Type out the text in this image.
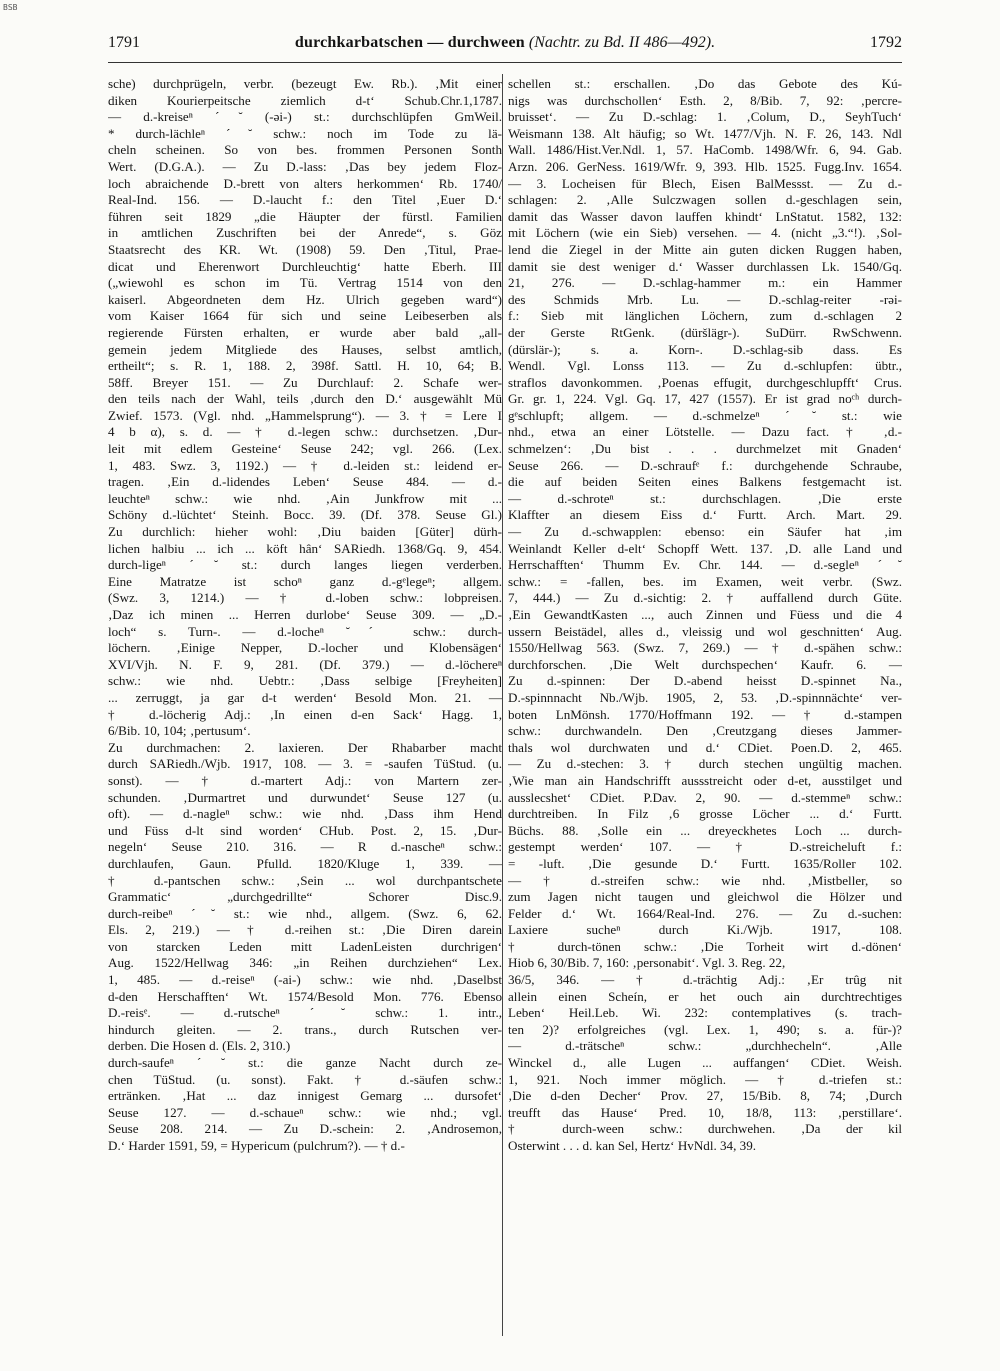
BSB
1791	durchkarbatschen — durchween (Nachtr. zu Bd. II 486—492).	1792

sche) durchprügeln, verbr. (bezeugt Ew. Rb.). ‚Mit einer

diken Kourierpeitsche ziemlich d-t‘ Schub.Chr.1,1787.

— d.-kreiseⁿ ˊ˘ (-əi-) st.: durchschlüpfen GmWeil.

* durch-lächleⁿ ˊ˘ schw.: noch im Tode zu lä-

cheln scheinen. So von bes. frommen Personen Sonth

Wert. (D.G.A.). — Zu D.-lass: ‚Das bey jedem Floz-

loch abraichende D.-brett von alters herkommen‘ Rb. 1740/

Real-Ind. 156. — D.-laucht f.: den Titel ‚Euer D.‘

führen seit 1829 „die Häupter der fürstl. Familien

in amtlichen Zuschriften bei der Anrede“, s. Göz

Staatsrecht des KR. Wt. (1908) 59. Den ‚Titul, Prae-

dicat und Eherenwort Durchleuchtig‘ hatte Eberh. III

(„wiewohl es schon im Tü. Vertrag 1514 von den

kaiserl. Abgeordneten dem Hz. Ulrich gegeben ward“)

vom Kaiser 1664 für sich und seine Leibeserben als

regierende Fürsten erhalten, er wurde aber bald „all-

gemein jedem Mitgliede des Hauses, selbst amtlich,

ertheilt“; s. R. 1, 188. 2, 398f. Sattl. H. 10, 64; B.

58ff. Breyer 151. — Zu Durchlauf: 2. Schafe wer-

den teils nach der Wahl, teils ‚durch den D.‘ ausgewählt Mü

Zwief. 1573. (Vgl. nhd. „Hammelsprung“). — 3. † = Lere I

4 b α), s. d. — † d.-legen schw.: durchsetzen. ‚Dur-

leit mit edlem Gesteine‘ Seuse 242; vgl. 266. (Lex.

1, 483. Swz. 3, 1192.) — † d.-leiden st.: leidend er-

tragen. ‚Ein d.-lidendes Leben‘ Seuse 484. — d.-

leuchteⁿ schw.: wie nhd. ‚Ain Junkfrow mit ...

Schöny d.-lüchtet‘ Steinh. Bocc. 39. (Df. 378. Seuse Gl.)

Zu durchlich: hieher wohl: ‚Diu baiden [Güter] dürh-

lichen halbiu ... ich ... köft hân‘ SARiedh. 1368/Gq. 9, 454.

durch-ligeⁿ ˊ˘ st.: durch langes liegen verderben.

Eine Matratze ist schoⁿ ganz d.-gᵉlegeⁿ; allgem.

(Swz. 3, 1214.) — † d.-loben schw.: lobpreisen.

‚Daz ich minen ... Herren durlobe‘ Seuse 309. — „D.-

loch“ s. Turn-. — d.-locheⁿ ˘ˊ schw.: durch-

löchern. ‚Einige Nepper, D.-locher und Klobensägen‘

XVI/Vjh. N. F. 9, 281. (Df. 379.) — d.-löchereⁿ

schw.: wie nhd. Uebtr.: ‚Dass selbige [Freyheiten]

... zerruggt, ja gar d-t werden‘ Besold Mon. 21. —

† d.-löcherig Adj.: ‚In einen d-en Sack‘ Hagg. 1,

6/Bib. 10, 104; ‚pertusum‘.

Zu durchmachen: 2. laxieren. Der Rhabarber macht

durch SARiedh./Wjb. 1917, 108. — 3. = -saufen TüStud. (u.

sonst). — † d.-martert Adj.: von Martern zer-

schunden. ‚Durmartret und durwundet‘ Seuse 127 (u.

oft). — d.-nagleⁿ schw.: wie nhd. ‚Dass ihm Hend

und Füss d-lt sind worden‘ CHub. Post. 2, 15. ‚Dur-

negeln‘ Seuse 210. 316. — R d.-nascheⁿ schw.:

durchlaufen, Gaun. Pfulld. 1820/Kluge 1, 339. —

† d.-pantschen schw.: ‚Sein ... wol durchpantschete

Grammatic‘ „durchgedrillte“ Schorer Disc.9.

durch-reibeⁿ ˊ˘ st.: wie nhd., allgem. (Swz. 6, 62.

Els. 2, 219.) — † d.-reihen st.: ‚Die Diren darein

von starcken Leden mitt LadenLeisten durchrigen‘

Aug. 1522/Hellwag 346: „in Reihen durchziehen“ Lex.

1, 485. — d.-reiseⁿ (-ai-) schw.: wie nhd. ‚Daselbst

d-den Herschafften‘ Wt. 1574/Besold Mon. 776. Ebenso

D.-reisᵉ. — d.-rutscheⁿ ˊ˘ schw.: 1. intr.,

hindurch gleiten. — 2. trans., durch Rutschen ver-

derben. Die Hosen d. (Els. 2, 310.)

durch-saufeⁿ ˊ˘ st.: die ganze Nacht durch ze-

chen TüStud. (u. sonst). Fakt. † d.-säufen schw.:

ertränken. ‚Hat ... daz innigest Gemarg ... dursofet‘

Seuse 127. — d.-schaueⁿ schw.: wie nhd.; vgl.

Seuse 208. 214. — Zu D.-schein: 2. ‚Androsemon,

D.‘ Harder 1591, 59, = Hypericum (pulchrum?). — † d.-

schellen st.: erschallen. ‚Do das Gebote des Kú-

nigs was durchschollen‘ Esth. 2, 8/Bib. 7, 92: ‚percre-

bruisset‘. — Zu D.-schlag: 1. ‚Colum, D., SeyhTuch‘

Weismann 138. Alt häufig; so Wt. 1477/Vjh. N. F. 26, 143. Ndl

Wall. 1486/Hist.Ver.Ndl. 1, 57. HaComb. 1498/Wfr. 6, 94. Gab.

Arzn. 206. GerNess. 1619/Wfr. 9, 393. Hlb. 1525. Fugg.Inv. 1654.

— 3. Locheisen für Blech, Eisen BalMessst. — Zu d.-

schlagen: 2. ‚Alle Sulczwagen sollen d.-geschlagen sein,

damit das Wasser davon lauffen khindt‘ LnStatut. 1582, 132:

mit Löchern (wie ein Sieb) versehen. — 4. (nicht „3.“!). ‚Sol-

lend die Ziegel in der Mitte ain guten dicken Ruggen haben,

damit sie dest weniger d.‘ Wasser durchlassen Lk. 1540/Gq.

21, 276. — D.-schlag-hammer m.: ein Hammer

des Schmids Mrb. Lu. — D.-schlag-reiter -rəi-

f.: Sieb mit länglichen Löchern, zum d.-schlagen 2

der Gerste RtGenk. (düršlägr-). SuDürr. RwSchwenn.

(dürslär-); s. a. Korn-. D.-schlag-sib dass. Es

Wendl. Vgl. Lonss 113. — Zu d.-schlupfen: übtr.,

straflos davonkommen. ‚Poenas effugit, durchgeschlupfft‘ Crus.

Gr. gr. 1, 224. Vgl. Gq. 17, 427 (1557). Er ist grad noᶜʰ durch-

gᵉschlupft; allgem. — d.-schmelzeⁿ ˊ˘ st.: wie

nhd., etwa an einer Lötstelle. — Dazu fact. † ‚d.-

schmelzen‘: ‚Du bist . . . durchmelzet mit Gnaden‘

Seuse 266. — D.-schraufᵉ f.: durchgehende Schraube,

die auf beiden Seiten eines Balkens festgemacht ist.

— d.-schroteⁿ st.: durchschlagen. ‚Die erste

Klaffter an diesem Eiss d.‘ Furtt. Arch. Mart. 29.

— Zu d.-schwapplen: ebenso: ein Säufer hat ‚im

Weinlandt Keller d-elt‘ Schopff Wett. 137. ‚D. alle Land und

Herrschafften‘ Thumm Ev. Chr. 144. — d.-segleⁿ ˊ˘

schw.: = -fallen, bes. im Examen, weit verbr. (Swz.

7, 444.) — Zu d.-sichtig: 2. † auffallend durch Güte.

‚Ein GewandtKasten ..., auch Zinnen und Füess und die 4

ussern Beistädel, alles d., vleissig und wol geschnitten‘ Aug.

1550/Hellwag 563. (Swz. 7, 269.) — † d.-spähen schw.:

durchforschen. ‚Die Welt durchspechen‘ Kaufr. 6. —

Zu d.-spinnen: Der D.-abend heisst D.-spinnet Na.,

D.-spinnnacht Nb./Wjb. 1905, 2, 53. ‚D.-spinnnächte‘ ver-

boten LnMönsh. 1770/Hoffmann 192. — † d.-stampen

schw.: durchwandeln. Den ‚Creutzgang dieses Jammer-

thals wol durchwaten und d.‘ CDiet. Poen.D. 2, 465.

— Zu d.-stechen: 3. † durch stechen ungültig machen.

‚Wie man ain Handschrifft aussstreicht oder d-et, ausstilget und

ausslecshet‘ CDiet. P.Dav. 2, 90. — d.-stemmeⁿ schw.:

durchtreiben. In Filz ‚6 grosse Löcher ... d.‘ Furtt.

Büchs. 88. ‚Solle ein ... dreyeckhetes Loch ... durch-

gestempt werden‘ 107. — † D.-streicheluft f.:

= -luft. ‚Die gesunde D.‘ Furtt. 1635/Roller 102.

— † d.-streifen schw.: wie nhd. ‚Mistbeller, so

zum Jagen nicht taugen und gleichwol die Hölzer und

Felder d.‘ Wt. 1664/Real-Ind. 276. — Zu d.-suchen:

Laxiere sucheⁿ durch Ki./Wjb. 1917, 108.

† durch-tönen schw.: ‚Die Torheit wirt d.-dönen‘

Hiob 6, 30/Bib. 7, 160: ‚personabit‘. Vgl. 3. Reg. 22,

36/5, 346. — † d.-trächtig Adj.: ‚Er trûg nit

allein einen Scheín, er het ouch ain durchtrechtiges

Leben‘ Heil.Leb. Wi. 232: contemplatives (s. trach-

ten 2)? erfolgreiches (vgl. Lex. 1, 490; s. a. für-)?

— d.-trätscheⁿ schw.: „durchhecheln“. ‚Alle

Winckel d., alle Lugen ... auffangen‘ CDiet. Weish.

1, 921. Noch immer möglich. — † d.-triefen st.:

‚Die d-den Decher‘ Prov. 27, 15/Bib. 8, 74; ‚Durch

treufft das Hause‘ Pred. 10, 18/8, 113: ‚perstillare‘.

† durch-ween schw.: durchwehen. ‚Da der kil

Osterwint . . . d. kan Sel, Hertz‘ HvNdl. 34, 39.
